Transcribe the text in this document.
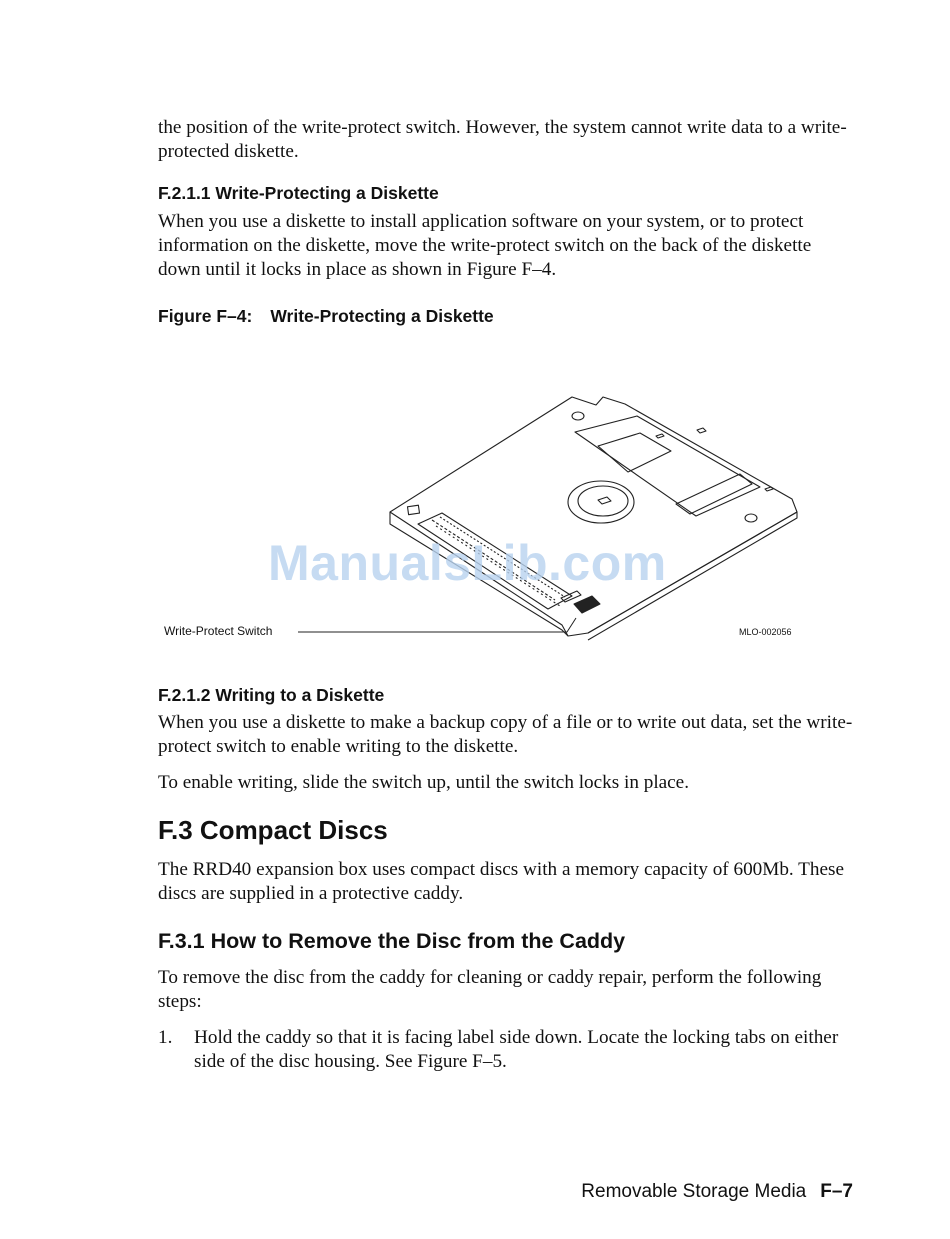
the position of the write-protect switch. However, the system cannot write data to a write-protected diskette.

F.2.1.1 Write-Protecting a Diskette

When you use a diskette to install application software on your system, or to protect information on the diskette, move the write-protect switch on the back of the diskette down until it locks in place as shown in Figure F–4.

Figure F–4: Write-Protecting a Diskette
Write-Protect Switch	MLO-002056
ManualsLib.com
F.2.1.2 Writing to a Diskette

When you use a diskette to make a backup copy of a file or to write out data, set the write-protect switch to enable writing to the diskette.

To enable writing, slide the switch up, until the switch locks in place.

F.3 Compact Discs

The RRD40 expansion box uses compact discs with a memory capacity of 600Mb. These discs are supplied in a protective caddy.

F.3.1 How to Remove the Disc from the Caddy

To remove the disc from the caddy for cleaning or caddy repair, perform the following steps:

1.	Hold the caddy so that it is facing label side down. Locate the locking tabs on either side of the disc housing. See Figure F–5.
Removable Storage Media F–7
